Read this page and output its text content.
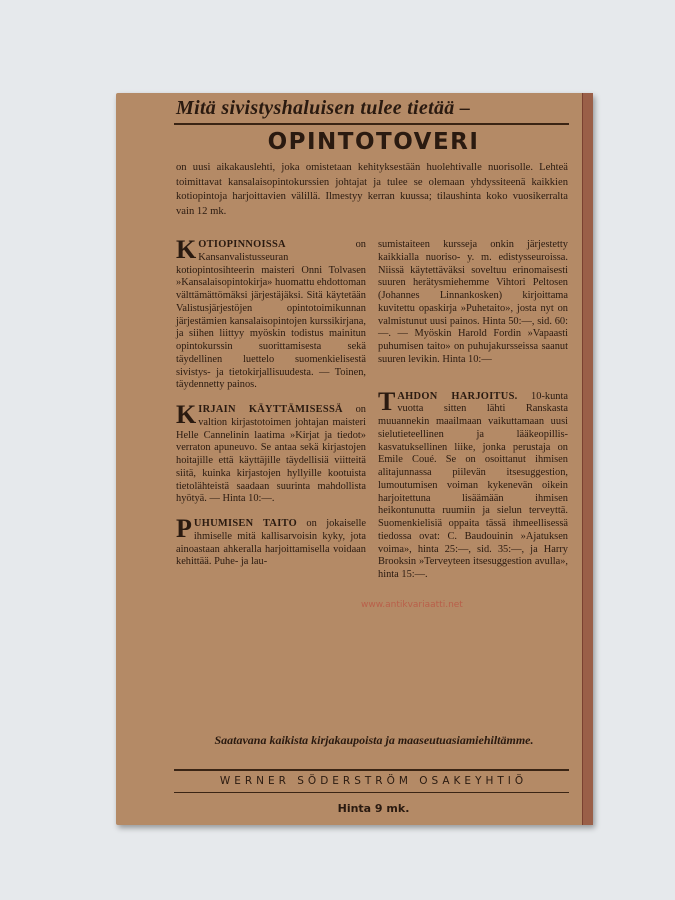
Mitä sivistyshaluisen tulee tietää –
OPINTOTOVERI
on uusi aikakauslehti, joka omistetaan kehityksestään huolehtivalle nuorisolle. Lehteä toimittavat kansalaisopintokurssien johtajat ja tulee se olemaan yhdyssiteenä kaikkien kotiopintoja harjoittavien välillä. Ilmestyy kerran kuussa; tilaushinta koko vuosikerralta vain 12 mk.
KOTIOPINNOISSA on Kansanvalistusseuran kotiopintosihteerin maisteri Onni Tolvasen »Kansalaisopintokirja» huomattu ehdottoman välttämättömäksi järjestäjäksi. Sitä käytetään Valistusjärjestöjen opintotoimikunnan järjestämien kansalaisopintojen kurssikirjana, ja siihen liittyy myöskin todistus mainitun opintokurssin suorittamisesta sekä täydellinen luettelo suomenkielisestä sivistys- ja tietokirjallisuudesta. — Toinen, täydennetty painos.
KIRJAIN KÄYTTÄMISESSÄ on valtion kirjastotoimen johtajan maisteri Helle Cannelinin laatima »Kirjat ja tiedot» verraton apuneuvo. Se antaa sekä kirjastojen hoitajille että käyttäjille täydellisiä viitteitä siitä, kuinka kirjastojen hyllyille kootuista tietolähteistä saadaan suurinta mahdollista hyötyä. — Hinta 10:—.
PUHUMISEN TAITO on jokaiselle ihmiselle mitä kallisarvoisin kyky, jota ainoastaan ahkeralla harjoittamisella voidaan kehittää. Puhe- ja lau-
sumistaiteen kursseja onkin järjestetty kaikkialla nuoriso- y. m. edistysseuroissa. Niissä käytettäväksi soveltuu erinomaisesti suuren herätysmiehemme Vihtori Peltosen (Johannes Linnankosken) kirjoittama kuvitettu opaskirja »Puhetaito», josta nyt on valmistunut uusi painos. Hinta 50:—, sid. 60:—. — Myöskin Harold Fordin »Vapaasti puhumisen taito» on puhujakursseissa saanut suuren levikin. Hinta 10:—
TAHDON HARJOITUS. 10-kunta vuotta sitten lähti Ranskasta muuannekin maailmaan vaikuttamaan uusi sielutieteellinen ja lääkeopillis-kasvatuksellinen liike, jonka perustaja on Emile Coué. Se on osoittanut ihmisen alitajunnassa piilevän itsesuggestion, lumoutumisen voiman kykenevän oikein harjoitettuna lisäämään ihmisen heikontunutta ruumiin ja sielun terveyttä. Suomenkielisiä oppaita tässä ihmeellisessä tiedossa ovat: C. Baudouinin »Ajatuksen voima», hinta 25:—, sid. 35:—, ja Harry Brooksin »Terveyteen itsesuggestion avulla», hinta 15:—.
Saatavana kaikista kirjakaupoista ja maaseutuasiamiehiltämme.
WERNER SÖDERSTRÖM OSAKEYHTIÖ
Hinta 9 mk.
www.antikvariaatti.net
